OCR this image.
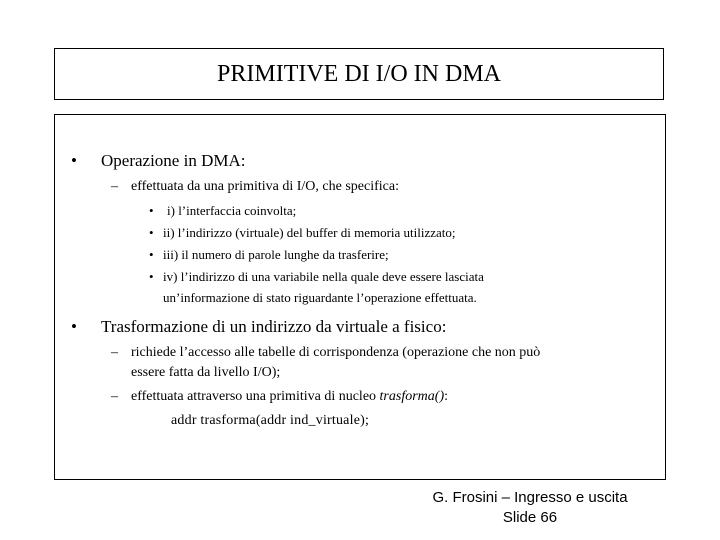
PRIMITIVE DI I/O IN DMA
• Operazione in DMA:
– effettuata da una primitiva di I/O, che specifica:
• i) l’interfaccia coinvolta;
• ii) l’indirizzo (virtuale) del buffer di memoria utilizzato;
• iii) il numero di parole lunghe da trasferire;
• iv) l’indirizzo di una variabile nella quale deve essere lasciata
un’informazione di stato riguardante l’operazione effettuata.
• Trasformazione di un indirizzo da virtuale a fisico:
– richiede l’accesso alle tabelle di corrispondenza (operazione che non può
essere fatta da livello I/O);
– effettuata attraverso una primitiva di nucleo trasforma():
addr trasforma(addr ind_virtuale);
G. Frosini – Ingresso e uscita
Slide 66
